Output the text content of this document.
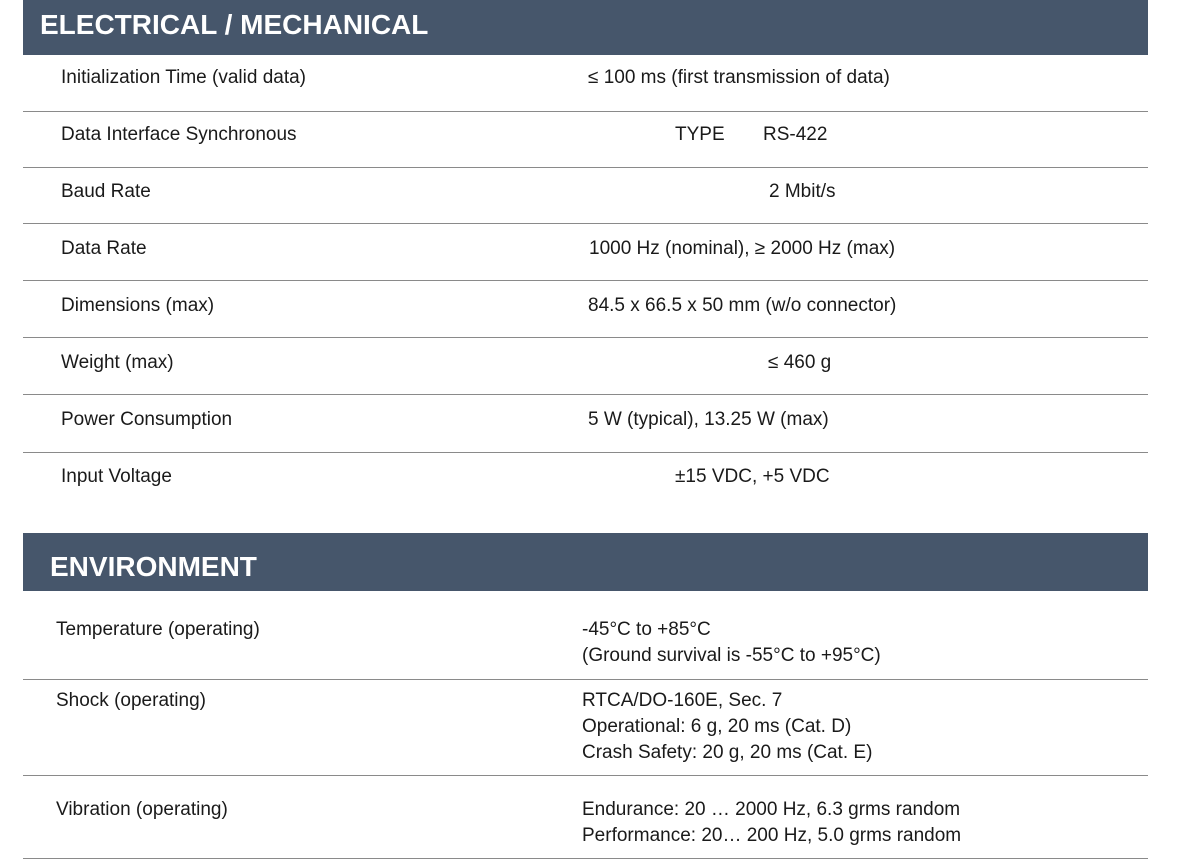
ELECTRICAL / MECHANICAL
Initialization Time (valid data)	≤ 100 ms (first transmission of data)
Data Interface Synchronous	TYPE RS-422
Baud Rate	2 Mbit/s
Data Rate	1000 Hz (nominal), ≥ 2000 Hz (max)
Dimensions (max)	84.5 x 66.5 x 50 mm (w/o connector)
Weight (max)	≤ 460 g
Power Consumption	5 W (typical), 13.25 W (max)
Input Voltage	±15 VDC, +5 VDC
ENVIRONMENT
Temperature (operating)	-45°C to +85°C
(Ground survival is -55°C to +95°C)
Shock (operating)	RTCA/DO-160E, Sec. 7
Operational: 6 g, 20 ms (Cat. D)
Crash Safety: 20 g, 20 ms (Cat. E)
Vibration (operating)	Endurance: 20 … 2000 Hz, 6.3 grms random
Performance: 20… 200 Hz, 5.0 grms random
